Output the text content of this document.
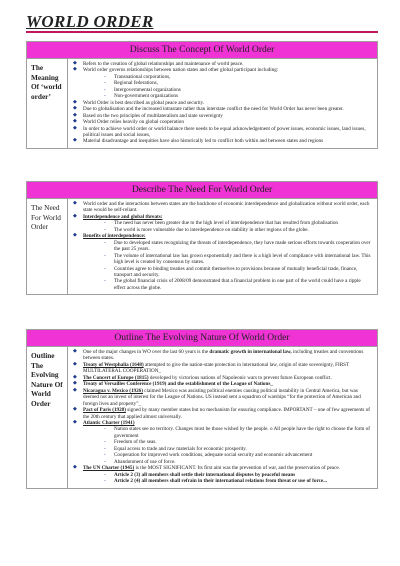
WORLD ORDER
Discuss The Concept Of World Order
The Meaning Of ‘world order’
◆ Refers to the creation of global relationships and maintenance of world peace.
◆ World order governs relationships between nation states and other global participant including:
- Transnational corporations,
- Regional federations,
- Intergovernmental organizations
- Non-government organizations
◆ World Order is best described as global peace and security.
◆ Due to globalisation and the increased intrastate rather than interstate conflict the need for World Order has never been greater.
◆ Based on the two principles of multilateralism and state sovereignty
◆ World Order relies heavily on global cooperation
◆ In order to achieve world order or world balance there needs to be equal acknowledgement of power issues, economic issues, land issues, political issues and social issues,
◆ Material disadvantage and inequities have also historically led to conflict both within and between states and regions
Describe The Need For World Order
The Need For World Order
◆ World order and the interactions between states are the backbone of economic interdependence and globalization without world order, each state would be self-reliant.
◆ Interdependence and global threats:
- The need has never been greater due to the high level of interdependence that has resulted from globalisation
- The world is more vulnerable due to interdependence on stability in other regions of the globe.
◆ Benefits of interdependence:
- Due to developed states recognizing the threats of interdependence, they have made serious efforts towards cooperation over the past 25 years.
- The volume of international law has grown exponentially and there is a high level of compliance with international law. This high level is created by consensus by states.
- Countries agree to binding treaties and commit themselves to provisions because of mutually beneficial trade, finance, transport and security.
- The global financial crisis of 2008/09 demonstrated that a financial problem in one part of the world could have a ripple effect across the globe.
Outline The Evolving Nature Of World Order
Outline The Evolving Nature Of World Order
◆ One of the major changes in WO over the last 60 years is the dramatic growth in international law, including treaties and conventions between states.
◆ Treaty of Westphalia (1648) attempted to give the nation-state protection in international law, origin of state sovereignty, FIRST MULTILATERAL COOPERATION_
◆ The Concert of Europe (1815) developed by victorious nations of Napoleonic wars to prevent future European conflict.
◆ Treaty of Versailles Conference (1919) and the establishment of the League of Nations_
◆ Nicaragua v. Mexico (1926) claimed Mexico was assisting political enemies causing political instability in Central America, but was deemed not an invest of interest for the League of Nations. US instead sent a squadron of warships “for the protection of American and foreign lives and property”_
◆ Pact of Paris (1928) signed by many member states but no mechanism for ensuring compliance. IMPORTANT – one of few agreements of the 20th century that applied almost universally.
◆ Atlantic Charter (1941)
- Nation states see no territory. Changes must be those wished by the people. o All people have the right to choose the form of government
- Freedom of the seas.
- Equal access to trade and raw materials for economic prosperity.
- Cooperation for improved work conditions, adequate social security and economic advancement
- Abandonment of use of force.
◆ The UN Charter (1945) is the MOST SIGNIFICANT. Its first aim was the prevention of war, and the preservation of peace.
- Article 2 (3) all members shall settle their international disputes by peaceful means
- Article 2 (4) all members shall refrain in their international relations from threat or use of force...
